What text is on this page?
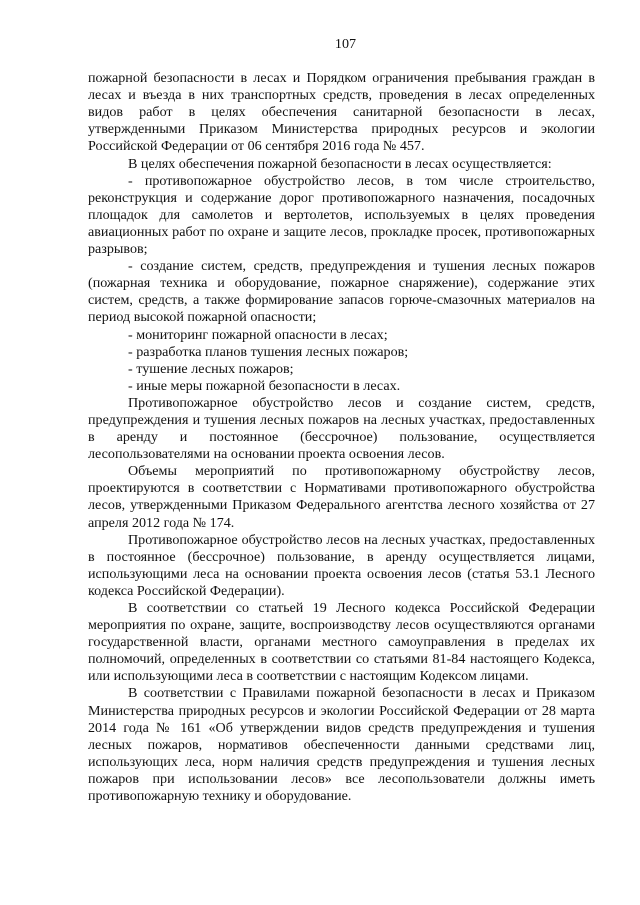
107

пожарной безопасности в лесах и Порядком ограничения пребывания граждан в лесах и въезда в них транспортных средств, проведения в лесах определенных видов работ в целях обеспечения санитарной безопасности в лесах, утвержденными Приказом Министерства природных ресурсов и экологии Российской Федерации от 06 сентября 2016 года № 457.

В целях обеспечения пожарной безопасности в лесах осуществляется:

- противопожарное обустройство лесов, в том числе строительство, реконструкция и содержание дорог противопожарного назначения, посадочных площадок для самолетов и вертолетов, используемых в целях проведения авиационных работ по охране и защите лесов, прокладке просек, противопожарных разрывов;

- создание систем, средств, предупреждения и тушения лесных пожаров (пожарная техника и оборудование, пожарное снаряжение), содержание этих систем, средств, а также формирование запасов горюче-смазочных материалов на период высокой пожарной опасности;

- мониторинг пожарной опасности в лесах;

- разработка планов тушения лесных пожаров;

- тушение лесных пожаров;

- иные меры пожарной безопасности в лесах.

Противопожарное обустройство лесов и создание систем, средств, предупреждения и тушения лесных пожаров на лесных участках, предоставленных в аренду и постоянное (бессрочное) пользование, осуществляется лесопользователями на основании проекта освоения лесов.

Объемы мероприятий по противопожарному обустройству лесов, проектируются в соответствии с Нормативами противопожарного обустройства лесов, утвержденными Приказом Федерального агентства лесного хозяйства от 27 апреля 2012 года № 174.

Противопожарное обустройство лесов на лесных участках, предоставленных в постоянное (бессрочное) пользование, в аренду осуществляется лицами, использующими леса на основании проекта освоения лесов (статья 53.1 Лесного кодекса Российской Федерации).

В соответствии со статьей 19 Лесного кодекса Российской Федерации мероприятия по охране, защите, воспроизводству лесов осуществляются органами государственной власти, органами местного самоуправления в пределах их полномочий, определенных в соответствии со статьями 81-84 настоящего Кодекса, или использующими леса в соответствии с настоящим Кодексом лицами.

В соответствии с Правилами пожарной безопасности в лесах и Приказом Министерства природных ресурсов и экологии Российской Федерации от 28 марта 2014 года № 161 «Об утверждении видов средств предупреждения и тушения лесных пожаров, нормативов обеспеченности данными средствами лиц, использующих леса, норм наличия средств предупреждения и тушения лесных пожаров при использовании лесов» все лесопользователи должны иметь противопожарную технику и оборудование.
